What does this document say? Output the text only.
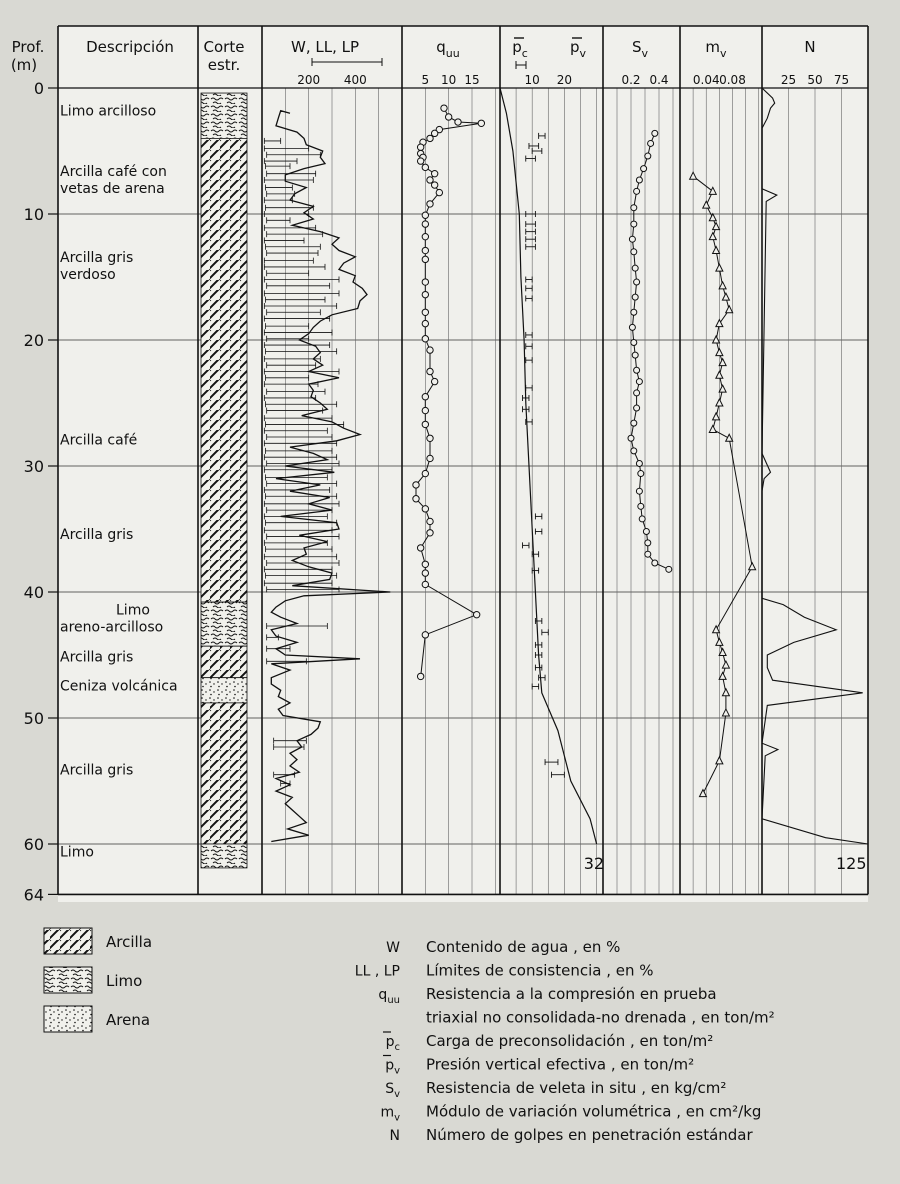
Prof.
(m)
Descripción Corte
estr.
W, LL, LP	$q_{uu}$	$p_c$	$p_v$	$S_v$	$m_v$	N
200 400	5 10 15	10 20	0.2 0.4 0.04 0.08	25 50 75
0
10
20
30
40
50
60
64
Limo arcilloso
Arcilla café con
vetas de arena
Arcilla gris
verdoso
Arcilla café
Arcilla gris
Limo
areno-arcilloso
Arcilla gris
Ceniza volcánica
Arcilla gris
Limo
32	125
Arcilla
Limo
Arena
W Contenido de agua , en %
LL , LP Límites de consistencia , en %
$q_{uu}$ Resistencia a la compresión en prueba
triaxial no consolidada-no drenada , en ton/m²
$p_c$ Carga de preconsolidación , en ton/m²
$p_v$ Presión vertical efectiva , en ton/m²
$S_v$ Resistencia de veleta in situ , en kg/cm²
$m_v$ Módulo de variación volumétrica , en cm²/kg
N Número de golpes en penetración estándar
